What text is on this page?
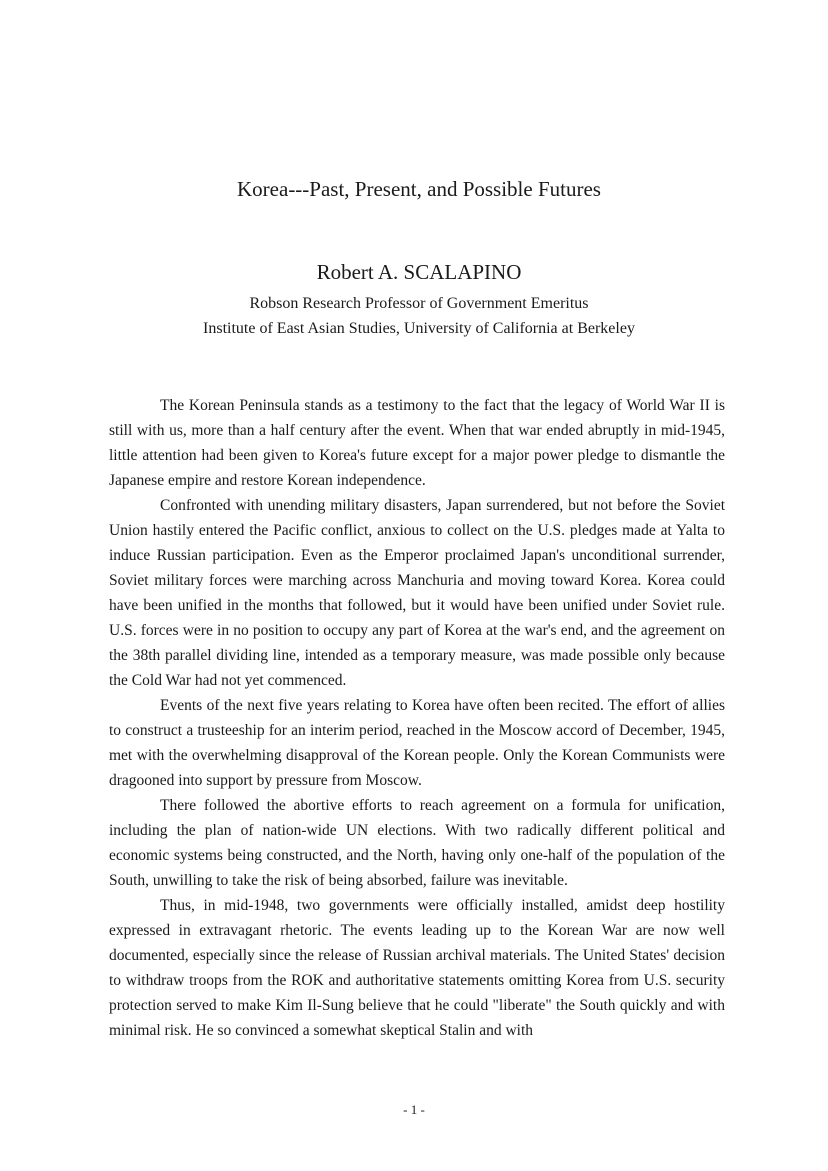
Korea---Past, Present, and Possible Futures
Robert A. SCALAPINO
Robson Research Professor of Government Emeritus
Institute of East Asian Studies, University of California at Berkeley

The Korean Peninsula stands as a testimony to the fact that the legacy of World War II is still with us, more than a half century after the event. When that war ended abruptly in mid-1945, little attention had been given to Korea's future except for a major power pledge to dismantle the Japanese empire and restore Korean independence.

Confronted with unending military disasters, Japan surrendered, but not before the Soviet Union hastily entered the Pacific conflict, anxious to collect on the U.S. pledges made at Yalta to induce Russian participation. Even as the Emperor proclaimed Japan's unconditional surrender, Soviet military forces were marching across Manchuria and moving toward Korea. Korea could have been unified in the months that followed, but it would have been unified under Soviet rule. U.S. forces were in no position to occupy any part of Korea at the war's end, and the agreement on the 38th parallel dividing line, intended as a temporary measure, was made possible only because the Cold War had not yet commenced.

Events of the next five years relating to Korea have often been recited. The effort of allies to construct a trusteeship for an interim period, reached in the Moscow accord of December, 1945, met with the overwhelming disapproval of the Korean people. Only the Korean Communists were dragooned into support by pressure from Moscow.

There followed the abortive efforts to reach agreement on a formula for unification, including the plan of nation-wide UN elections. With two radically different political and economic systems being constructed, and the North, having only one-half of the population of the South, unwilling to take the risk of being absorbed, failure was inevitable.

Thus, in mid-1948, two governments were officially installed, amidst deep hostility expressed in extravagant rhetoric. The events leading up to the Korean War are now well documented, especially since the release of Russian archival materials. The United States' decision to withdraw troops from the ROK and authoritative statements omitting Korea from U.S. security protection served to make Kim Il-Sung believe that he could "liberate" the South quickly and with minimal risk. He so convinced a somewhat skeptical Stalin and with

- 1 -
